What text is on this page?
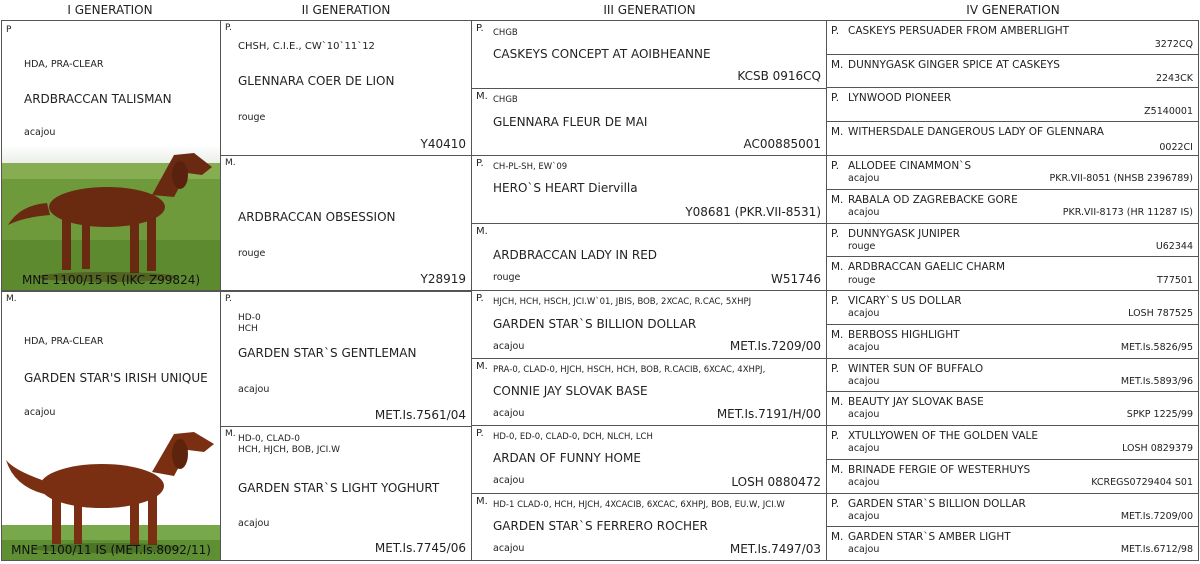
I GENERATION	II GENERATION	III GENERATION	IV GENERATION
P
HDA, PRA-CLEAR
ARDBRACCAN TALISMAN
acajou
MNE 1100/15 IS (IKC Z99824)
M.
HDA, PRA-CLEAR
GARDEN STAR'S IRISH UNIQUE
acajou
MNE 1100/11 IS (MET.Is.8092/11)
P.
CHSH, C.I.E., CW`10`11`12
GLENNARA COER DE LION
rouge
Y40410
M.
ARDBRACCAN OBSESSION
rouge
Y28919
P.
HD-0
HCH
GARDEN STAR`S GENTLEMAN
acajou
MET.Is.7561/04
M. HD-0, CLAD-0
HCH, HJCH, BOB, JCI.W
GARDEN STAR`S LIGHT YOGHURT
acajou
MET.Is.7745/06
P. CHGB
CASKEYS CONCEPT AT AOIBHEANNE
KCSB 0916CQ
M. CHGB
GLENNARA FLEUR DE MAI
AC00885001
P. CH-PL-SH, EW`09
HERO`S HEART Diervilla
Y08681 (PKR.VII-8531)
M.
ARDBRACCAN LADY IN RED
rouge	W51746
P. HJCH, HCH, HSCH, JCI.W`01, JBIS, BOB, 2XCAC, R.CAC, 5XHPJ
GARDEN STAR`S BILLION DOLLAR
acajou	MET.Is.7209/00
M. PRA-0, CLAD-0, HJCH, HSCH, HCH, BOB, R.CACIB, 6XCAC, 4XHPJ,
CONNIE JAY SLOVAK BASE
acajou	MET.Is.7191/H/00
P. HD-0, ED-0, CLAD-0, DCH, NLCH, LCH
ARDAN OF FUNNY HOME
acajou	LOSH 0880472
M. HD-1 CLAD-0, HCH, HJCH, 4XCACIB, 6XCAC, 6XHPJ, BOB, EU.W, JCI.W
GARDEN STAR`S FERRERO ROCHER
acajou	MET.Is.7497/03
P. CASKEYS PERSUADER FROM AMBERLIGHT
3272CQ
M. DUNNYGASK GINGER SPICE AT CASKEYS
2243CK
P. LYNWOOD PIONEER
Z5140001
M. WITHERSDALE DANGEROUS LADY OF GLENNARA
0022CI
P. ALLODEE CINAMMON`S
acajou	PKR.VII-8051 (NHSB 2396789)
M. RABALA OD ZAGREBACKE GORE
acajou	PKR.VII-8173 (HR 11287 IS)
P. DUNNYGASK JUNIPER
rouge	U62344
M. ARDBRACCAN GAELIC CHARM
rouge	T77501
P. VICARY`S US DOLLAR
acajou	LOSH 787525
M. BERBOSS HIGHLIGHT
acajou	MET.Is.5826/95
P. WINTER SUN OF BUFFALO
acajou	MET.Is.5893/96
M. BEAUTY JAY SLOVAK BASE
acajou	SPKP 1225/99
P. XTULLYOWEN OF THE GOLDEN VALE
acajou	LOSH 0829379
M. BRINADE FERGIE OF WESTERHUYS
acajou	KCREGS0729404 S01
P. GARDEN STAR`S BILLION DOLLAR
acajou	MET.Is.7209/00
M. GARDEN STAR`S AMBER LIGHT
acajou	MET.Is.6712/98
